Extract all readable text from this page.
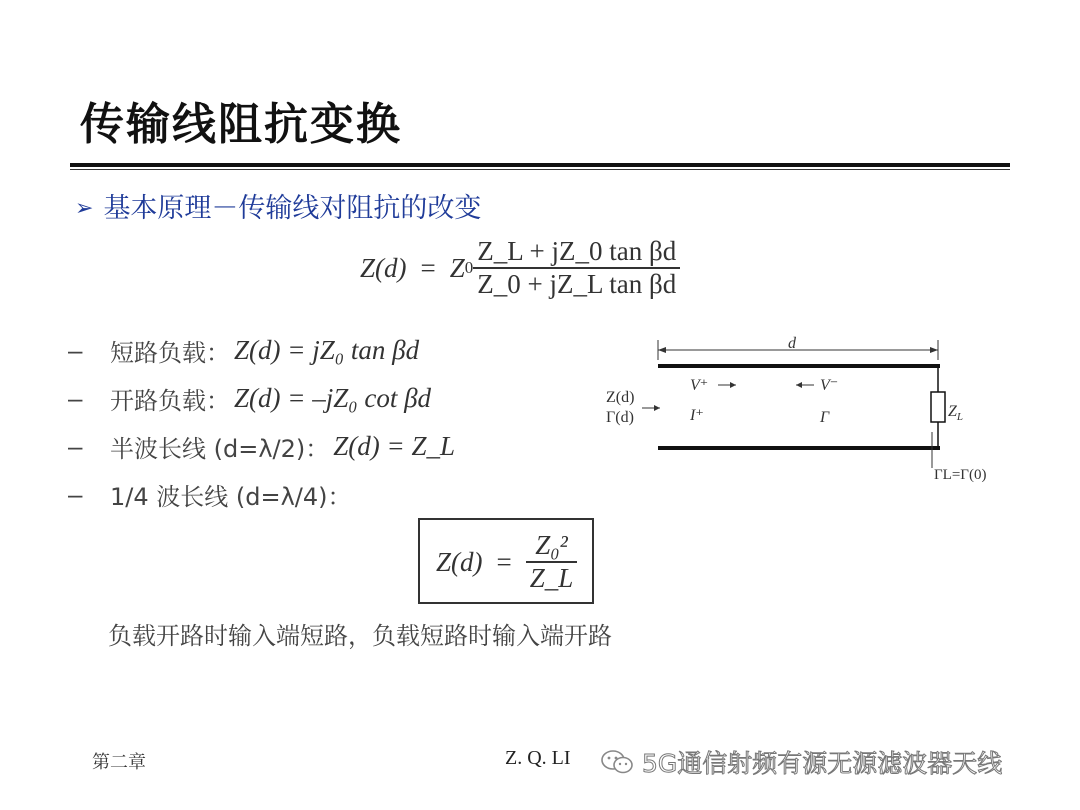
传输线阻抗变换
➢ 基本原理－传输线对阻抗的改变
Z(d) = Z $0 \frac{\text{Z\_L + jZ\_0 tan βd}}{\text{Z\_0 + jZ\_L tan βd}}$
–	短路负载： Z(d) = jZ₀ tan βd
–	开路负载： Z(d) = –jZ₀ cot βd
–	半波长线 (d=λ/2)： Z(d) = Z_L
–	1/4 波长线 (d=λ/4)：
$Z(d) = \frac{\text{Z₀²}}{Z\_L}$
负载开路时输入端短路，负载短路时输入端开路
d
$Z_L$
ΓL=Γ(0)
Z(d)
Γ(d)
V⁺	V⁻
I⁺	Γ
第二章	Z. Q. LI	5G通信射频有源无源滤波器天线
